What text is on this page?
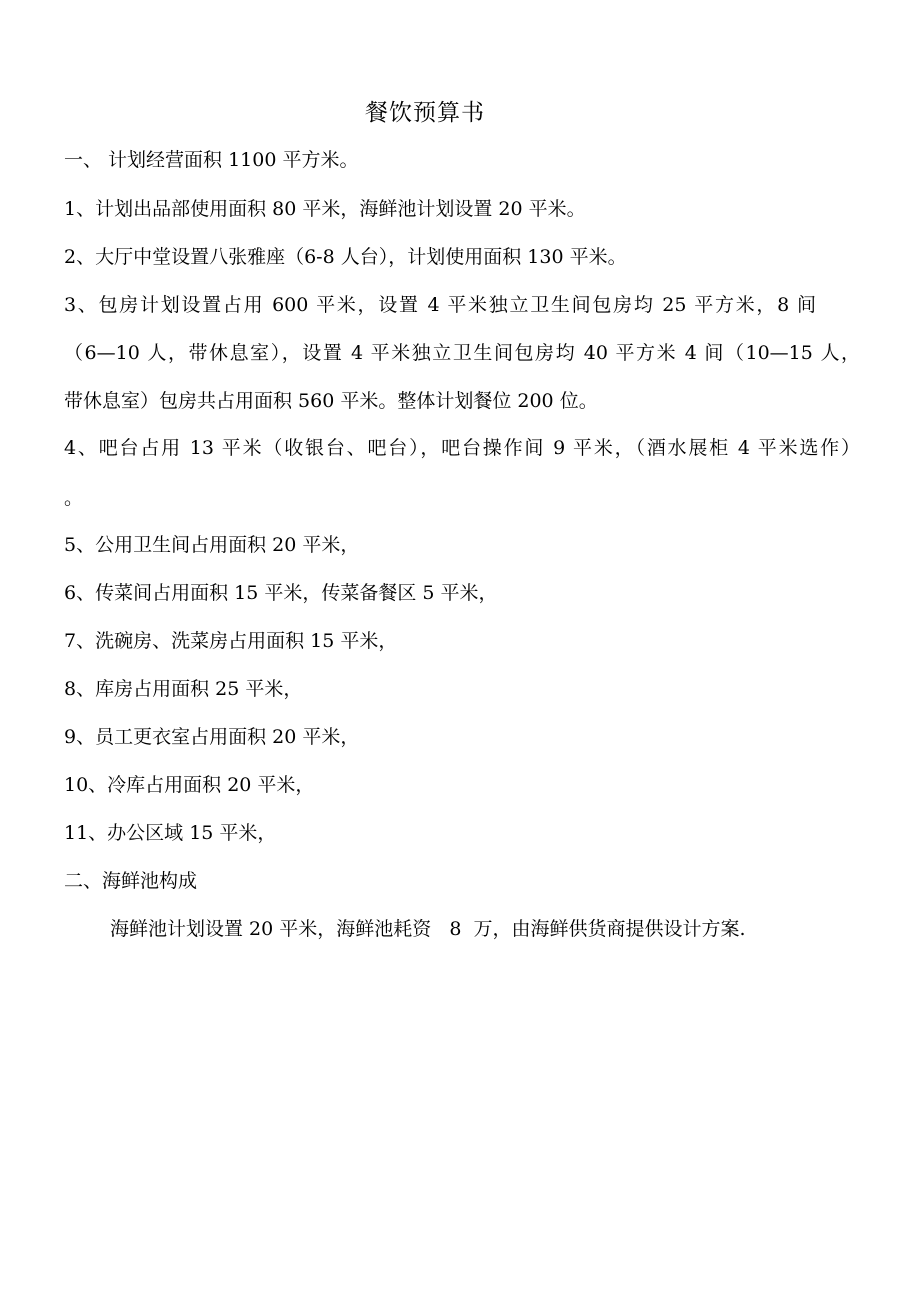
餐饮预算书
一、 计划经营面积 1100 平方米。
1、计划出品部使用面积 80 平米，海鲜池计划设置 20 平米。
2、大厅中堂设置八张雅座（6-8 人台），计划使用面积 130 平米。
3、包房计划设置占用 600 平米，设置 4 平米独立卫生间包房均 25 平方米，8 间
（6—10 人，带休息室），设置 4 平米独立卫生间包房均 40 平方米 4 间（10—15 人，
带休息室）包房共占用面积 560 平米。整体计划餐位 200 位。
4、吧台占用 13 平米（收银台、吧台），吧台操作间 9 平米，（酒水展柜 4 平米选作）
。
5、公用卫生间占用面积 20 平米，
6、传菜间占用面积 15 平米，传菜备餐区 5 平米，
7、洗碗房、洗菜房占用面积 15 平米，
8、库房占用面积 25 平米，
9、员工更衣室占用面积 20 平米，
10、冷库占用面积 20 平米，
11、办公区域 15 平米，
二、海鲜池构成
海鲜池计划设置 20 平米，海鲜池耗资   8  万，由海鲜供货商提供设计方案.
